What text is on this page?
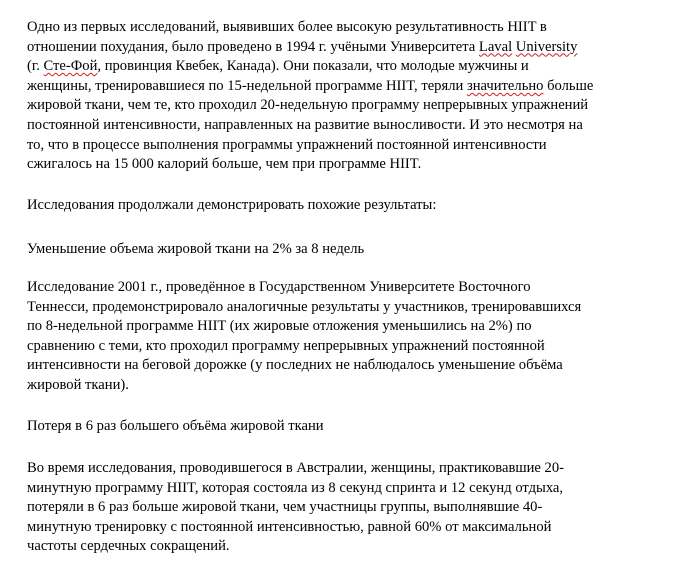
Одно из первых исследований, выявивших более высокую результативность HIIT в
отношении похудания, было проведено в 1994 г. учёными Университета Laval University
(г. Сте-Фой, провинция Квебек, Канада). Они показали, что молодые мужчины и
женщины, тренировавшиеся по 15-недельной программе HIIT, теряли значительно больше
жировой ткани, чем те, кто проходил 20-недельную программу непрерывных упражнений
постоянной интенсивности, направленных на развитие выносливости. И это несмотря на
то, что в процессе выполнения программы упражнений постоянной интенсивности
сжигалось на 15 000 калорий больше, чем при программе HIIT.

Исследования продолжали демонстрировать похожие результаты:

Уменьшение объема жировой ткани на 2% за 8 недель

Исследование 2001 г., проведённое в Государственном Университете Восточного
Теннесси, продемонстрировало аналогичные результаты у участников, тренировавшихся
по 8-недельной программе HIIT (их жировые отложения уменьшились на 2%) по
сравнению с теми, кто проходил программу непрерывных упражнений постоянной
интенсивности на беговой дорожке (у последних не наблюдалось уменьшение объёма
жировой ткани).

Потеря в 6 раз большего объёма жировой ткани

Во время исследования, проводившегося в Австралии, женщины, практиковавшие 20-
минутную программу HIIT, которая состояла из 8 секунд спринта и 12 секунд отдыха,
потеряли в 6 раз больше жировой ткани, чем участницы группы, выполнявшие 40-
минутную тренировку с постоянной интенсивностью, равной 60% от максимальной
частоты сердечных сокращений.
